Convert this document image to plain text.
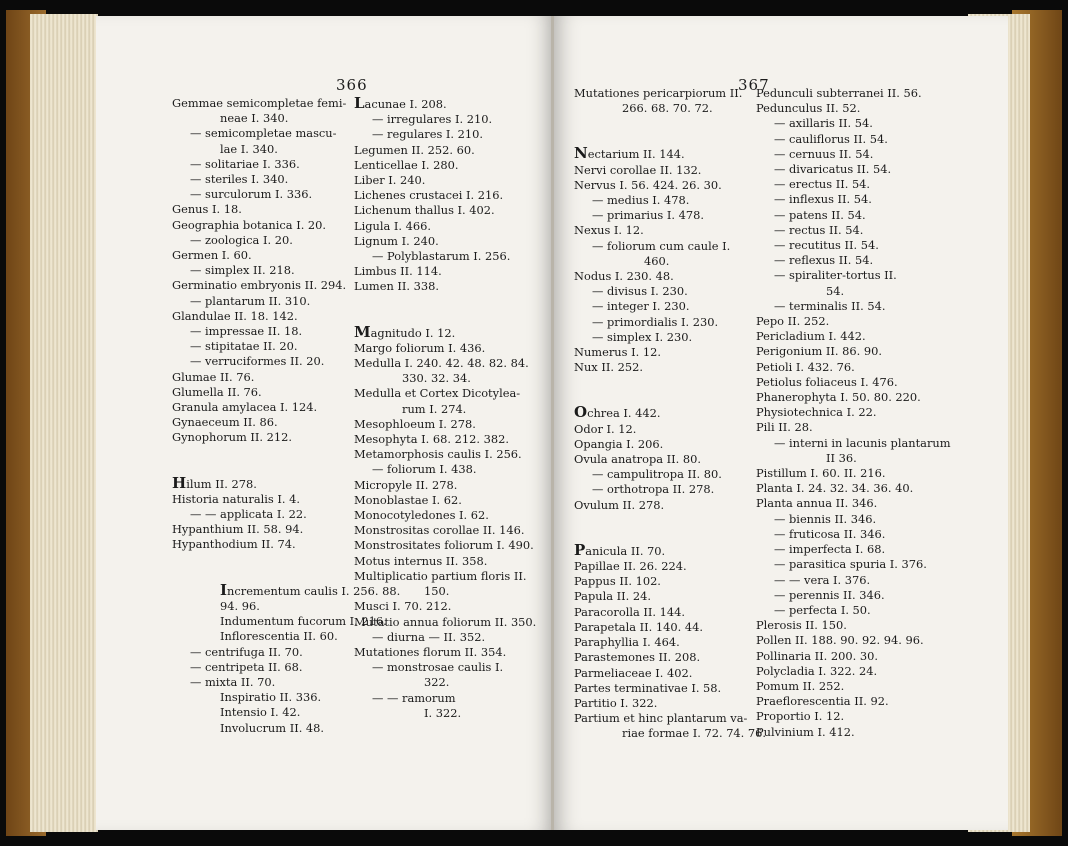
366
Gemmae semicompletae femi-
neae I. 340.
— semicompletae mascu-
lae I. 340.
— solitariae I. 336.
— steriles I. 340.
— surculorum I. 336.
Genus I. 18.
Geographia botanica I. 20.
— zoologica I. 20.
Germen I. 60.
— simplex II. 218.
Germinatio embryonis II. 294.
— plantarum II. 310.
Glandulae II. 18. 142.
— impressae II. 18.
— stipitatae II. 20.
— verruciformes II. 20.
Glumae II. 76.
Glumella II. 76.
Granula amylacea I. 124.
Gynaeceum II. 86.
Gynophorum II. 212.
Hilum II. 278.
Historia naturalis I. 4.
— — applicata I. 22.
Hypanthium II. 58. 94.
Hypanthodium II. 74.
Incrementum caulis I. 256. 88.
94. 96.
Indumentum fucorum I. 216.
Inflorescentia II. 60.
— centrifuga II. 70.
— centripeta II. 68.
— mixta II. 70.
Inspiratio II. 336.
Intensio I. 42.
Involucrum II. 48.
Lacunae I. 208.
— irregulares I. 210.
— regulares I. 210.
Legumen II. 252. 60.
Lenticellae I. 280.
Liber I. 240.
Lichenes crustacei I. 216.
Lichenum thallus I. 402.
Ligula I. 466.
Lignum I. 240.
— Polyblastarum I. 256.
Limbus II. 114.
Lumen II. 338.
Magnitudo I. 12.
Margo foliorum I. 436.
Medulla I. 240. 42. 48. 82. 84.
330. 32. 34.
Medulla et Cortex Dicotylea-
rum I. 274.
Mesophloeum I. 278.
Mesophyta I. 68. 212. 382.
Metamorphosis caulis I. 256.
— foliorum I. 438.
Micropyle II. 278.
Monoblastae I. 62.
Monocotyledones I. 62.
Monstrositas corollae II. 146.
Monstrositates foliorum I. 490.
Motus internus II. 358.
Multiplicatio partium floris II.
150.
Musci I. 70. 212.
Mutatio annua foliorum II. 350.
— diurna — II. 352.
Mutationes florum II. 354.
— monstrosae caulis I.
322.
— — ramorum
I. 322.
367
Mutationes pericarpiorum II.
266. 68. 70. 72.
Nectarium II. 144.
Nervi corollae II. 132.
Nervus I. 56. 424. 26. 30.
— medius I. 478.
— primarius I. 478.
Nexus I. 12.
— foliorum cum caule I.
460.
Nodus I. 230. 48.
— divisus I. 230.
— integer I. 230.
— primordialis I. 230.
— simplex I. 230.
Numerus I. 12.
Nux II. 252.
Ochrea I. 442.
Odor I. 12.
Opangia I. 206.
Ovula anatropa II. 80.
— campulitropa II. 80.
— orthotropa II. 278.
Ovulum II. 278.
Panicula II. 70.
Papillae II. 26. 224.
Pappus II. 102.
Papula II. 24.
Paracorolla II. 144.
Parapetala II. 140. 44.
Paraphyllia I. 464.
Parastemones II. 208.
Parmeliaceae I. 402.
Partes terminativae I. 58.
Partitio I. 322.
Partium et hinc plantarum va-
riae formae I. 72. 74. 76.
Pedunculi subterranei II. 56.
Pedunculus II. 52.
— axillaris II. 54.
— cauliflorus II. 54.
— cernuus II. 54.
— divaricatus II. 54.
— erectus II. 54.
— inflexus II. 54.
— patens II. 54.
— rectus II. 54.
— recutitus II. 54.
— reflexus II. 54.
— spiraliter-tortus II.
54.
— terminalis II. 54.
Pepo II. 252.
Pericladium I. 442.
Perigonium II. 86. 90.
Petioli I. 432. 76.
Petiolus foliaceus I. 476.
Phanerophyta I. 50. 80. 220.
Physiotechnica I. 22.
Pili II. 28.
— interni in lacunis plantarum
II 36.
Pistillum I. 60. II. 216.
Planta I. 24. 32. 34. 36. 40.
Planta annua II. 346.
— biennis II. 346.
— fruticosa II. 346.
— imperfecta I. 68.
— parasitica spuria I. 376.
— — vera I. 376.
— perennis II. 346.
— perfecta I. 50.
Plerosis II. 150.
Pollen II. 188. 90. 92. 94. 96.
Pollinaria II. 200. 30.
Polycladia I. 322. 24.
Pomum II. 252.
Praeflorescentia II. 92.
Proportio I. 12.
Pulvinium I. 412.
